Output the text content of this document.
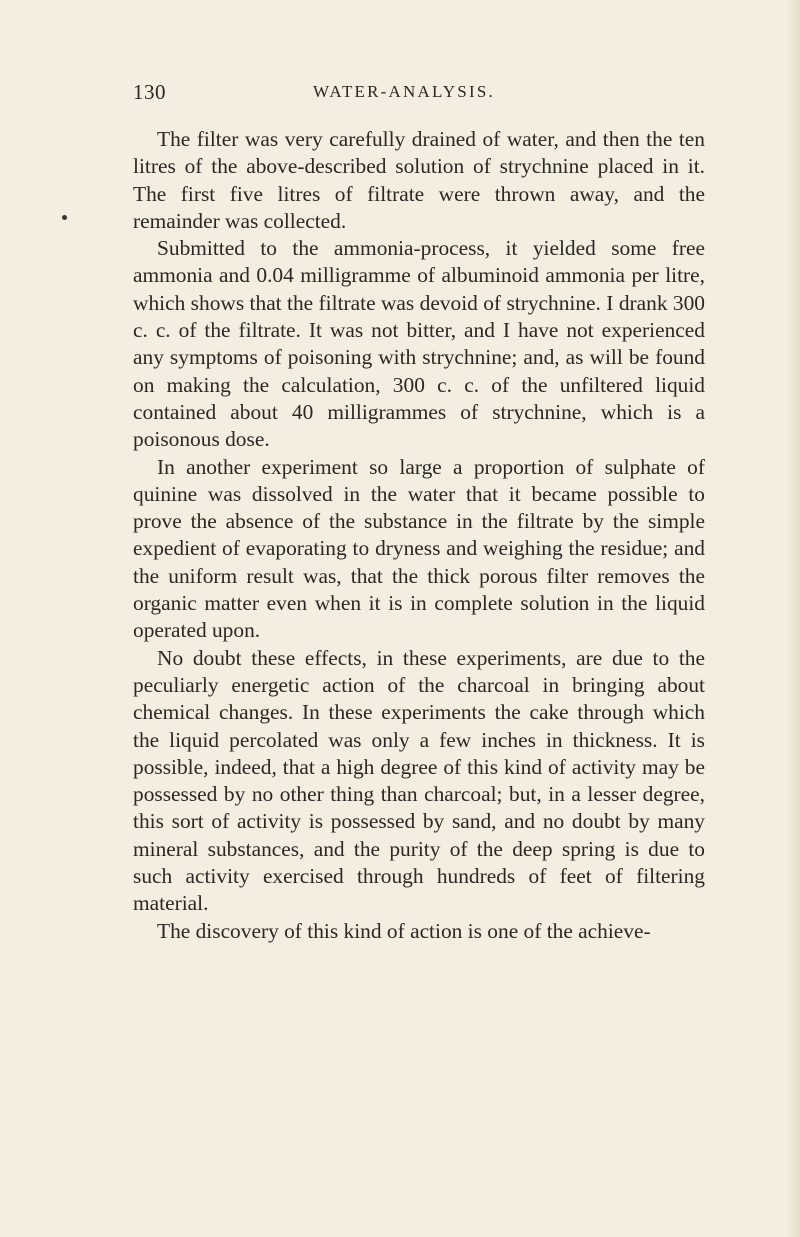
130	WATER-ANALYSIS.

The filter was very carefully drained of water, and then the ten litres of the above-described solution of strychnine placed in it. The first five litres of filtrate were thrown away, and the remainder was collected.

Submitted to the ammonia-process, it yielded some free ammonia and 0.04 milligramme of albuminoid ammonia per litre, which shows that the filtrate was devoid of strychnine. I drank 300 c. c. of the filtrate. It was not bitter, and I have not experienced any symptoms of poisoning with strychnine; and, as will be found on making the calculation, 300 c. c. of the unfiltered liquid contained about 40 milligrammes of strychnine, which is a poisonous dose.

In another experiment so large a proportion of sulphate of quinine was dissolved in the water that it became possible to prove the absence of the substance in the filtrate by the simple expedient of evaporating to dryness and weighing the residue; and the uniform result was, that the thick porous filter removes the organic matter even when it is in complete solution in the liquid operated upon.

No doubt these effects, in these experiments, are due to the peculiarly energetic action of the charcoal in bringing about chemical changes. In these experiments the cake through which the liquid percolated was only a few inches in thickness. It is possible, indeed, that a high degree of this kind of activity may be possessed by no other thing than charcoal; but, in a lesser degree, this sort of activity is possessed by sand, and no doubt by many mineral substances, and the purity of the deep spring is due to such activity exercised through hundreds of feet of filtering material.

The discovery of this kind of action is one of the achieve-
